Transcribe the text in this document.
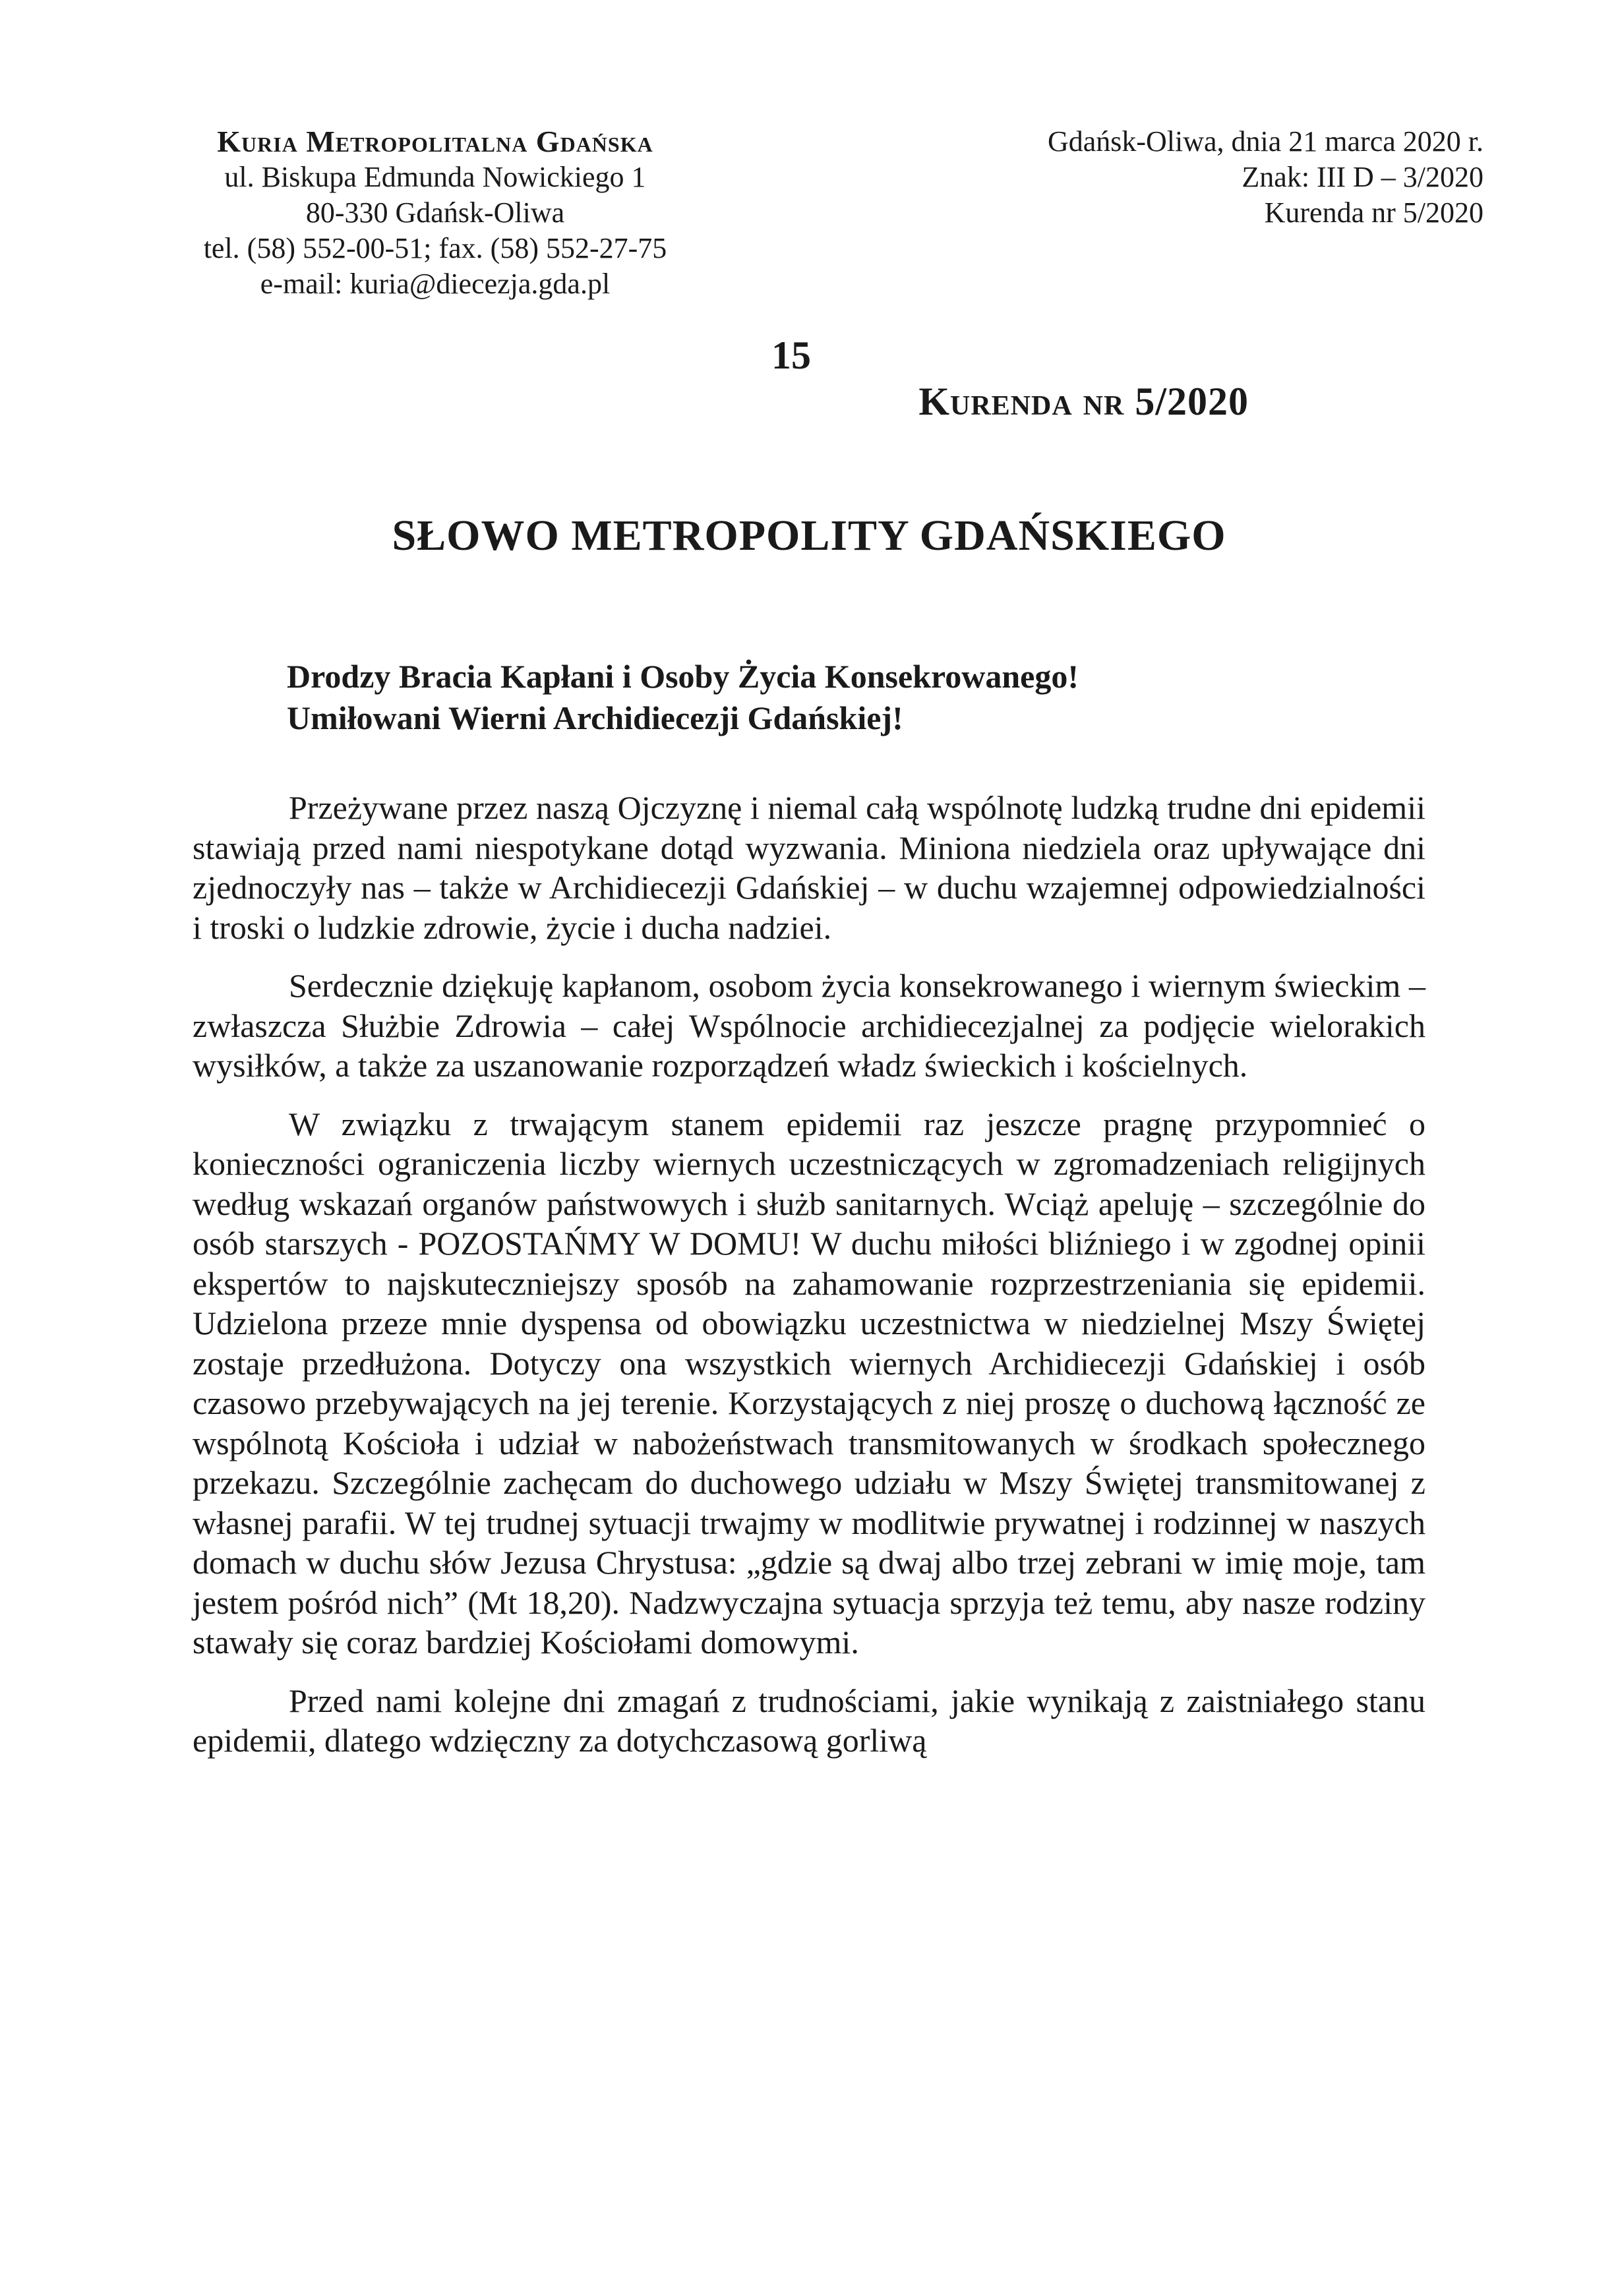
Kuria Metropolitalna Gdańska
ul. Biskupa Edmunda Nowickiego 1
80-330 Gdańsk-Oliwa
tel. (58) 552-00-51; fax. (58) 552-27-75
e-mail: kuria@diecezja.gda.pl
Gdańsk-Oliwa, dnia 21 marca 2020 r.
Znak: III D – 3/2020
Kurenda nr 5/2020
15
Kurenda nr 5/2020
SŁOWO METROPOLITY GDAŃSKIEGO
Drodzy Bracia Kapłani i Osoby Życia Konsekrowanego!
Umiłowani Wierni Archidiecezji Gdańskiej!

Przeżywane przez naszą Ojczyznę i niemal całą wspólnotę ludzką trudne dni epidemii stawiają przed nami niespotykane dotąd wyzwania. Miniona niedziela oraz upływające dni zjednoczyły nas – także w Archidiecezji Gdańskiej – w duchu wzajemnej odpowiedzialności i troski o ludzkie zdrowie, życie i ducha nadziei.

Serdecznie dziękuję kapłanom, osobom życia konsekrowanego i wiernym świeckim – zwłaszcza Służbie Zdrowia – całej Wspólnocie archidiecezjalnej za podjęcie wielorakich wysiłków, a także za uszanowanie rozporządzeń władz świeckich i kościelnych.

W związku z trwającym stanem epidemii raz jeszcze pragnę przypomnieć o konieczności ograniczenia liczby wiernych uczestniczących w zgromadzeniach religijnych według wskazań organów państwowych i służb sanitarnych. Wciąż apeluję – szczególnie do osób starszych - POZOSTAŃMY W DOMU! W duchu miłości bliźniego i w zgodnej opinii ekspertów to najskuteczniejszy sposób na zahamowanie rozprzestrzeniania się epidemii. Udzielona przeze mnie dyspensa od obowiązku uczestnictwa w niedzielnej Mszy Świętej zostaje przedłużona. Dotyczy ona wszystkich wiernych Archidiecezji Gdańskiej i osób czasowo przebywających na jej terenie. Korzystających z niej proszę o duchową łączność ze wspólnotą Kościoła i udział w nabożeństwach transmitowanych w środkach społecznego przekazu. Szczególnie zachęcam do duchowego udziału w Mszy Świętej transmitowanej z własnej parafii. W tej trudnej sytuacji trwajmy w modlitwie prywatnej i rodzinnej w naszych domach w duchu słów Jezusa Chrystusa: „gdzie są dwaj albo trzej zebrani w imię moje, tam jestem pośród nich” (Mt 18,20). Nadzwyczajna sytuacja sprzyja też temu, aby nasze rodziny stawały się coraz bardziej Kościołami domowymi.

Przed nami kolejne dni zmagań z trudnościami, jakie wynikają z zaistniałego stanu epidemii, dlatego wdzięczny za dotychczasową gorliwą
